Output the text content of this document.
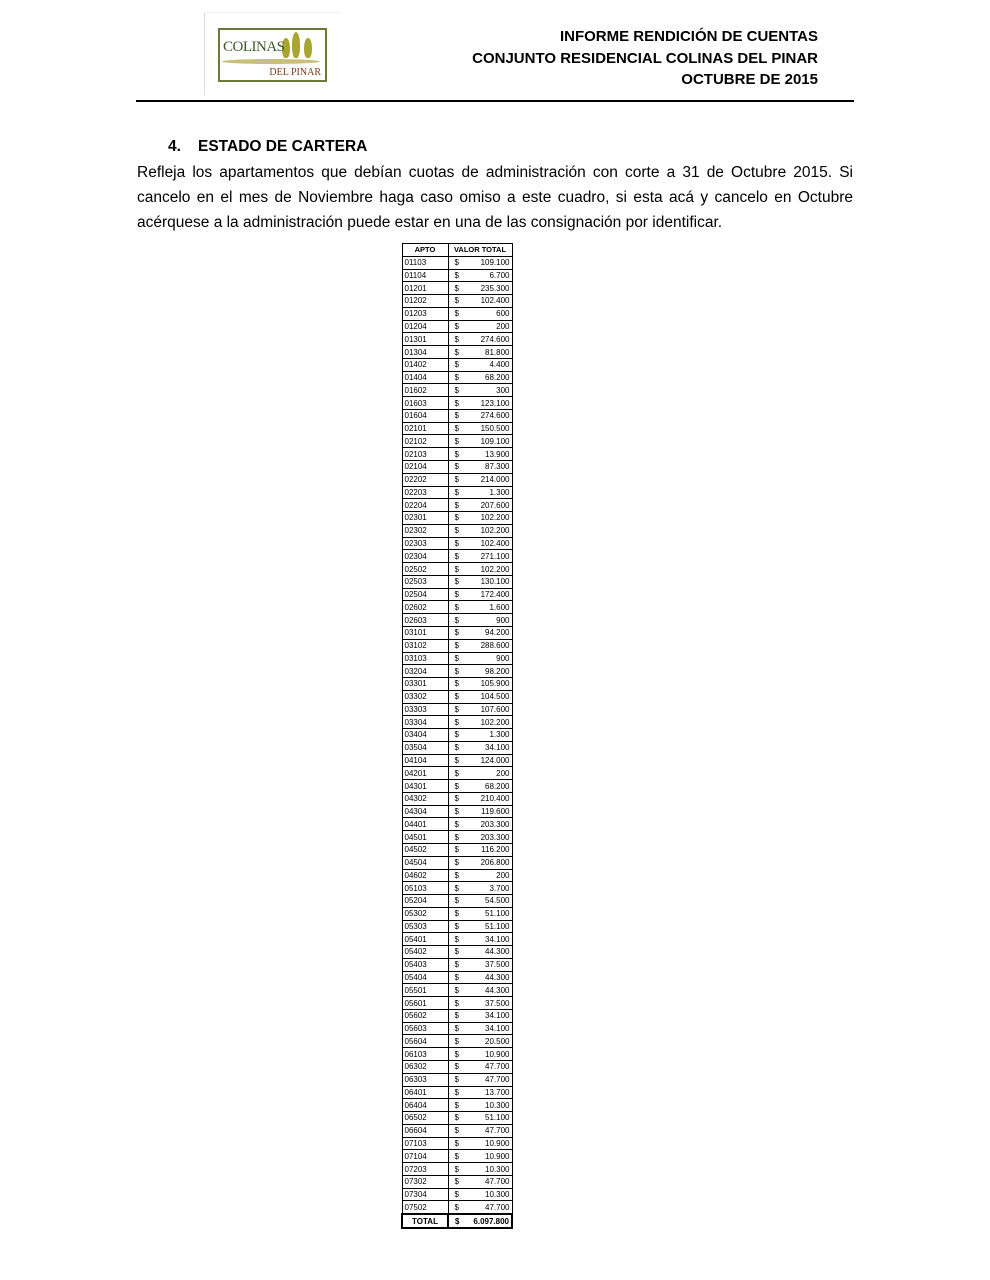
COLINAS
DEL PINAR
INFORME RENDICIÓN DE CUENTAS
CONJUNTO RESIDENCIAL COLINAS DEL PINAR
OCTUBRE DE 2015
4. ESTADO DE CARTERA
Refleja los apartamentos que debían cuotas de administración con corte a 31 de Octubre 2015. Si cancelo en el mes de Noviembre haga caso omiso a este cuadro, si esta acá y cancelo en Octubre acérquese a la administración puede estar en una de las consignación por identificar.
APTO	VALOR TOTAL
01103	$ 109.100

01104	$ 6.700

01201	$ 235.300

01202	$ 102.400

01203	$ 600

01204	$ 200

01301	$ 274.600

01304	$ 81.800

01402	$ 4.400

01404	$ 68.200

01602	$ 300

01603	$ 123.100

01604	$ 274.600

02101	$ 150.500

02102	$ 109.100

02103	$ 13.900

02104	$ 87.300

02202	$ 214.000

02203	$ 1.300

02204	$ 207.600

02301	$ 102.200

02302	$ 102.200

02303	$ 102.400

02304	$ 271.100

02502	$ 102.200

02503	$ 130.100

02504	$ 172.400

02602	$ 1.600

02603	$ 900

03101	$ 94.200

03102	$ 288.600

03103	$ 900

03204	$ 98.200

03301	$ 105.900

03302	$ 104.500

03303	$ 107.600

03304	$ 102.200

03404	$ 1.300

03504	$ 34.100

04104	$ 124.000

04201	$ 200

04301	$ 68.200

04302	$ 210.400

04304	$ 119.600

04401	$ 203.300

04501	$ 203.300

04502	$ 116.200

04504	$ 206.800

04602	$ 200

05103	$ 3.700

05204	$ 54.500

05302	$ 51.100

05303	$ 51.100

05401	$ 34.100

05402	$ 44.300

05403	$ 37.500

05404	$ 44.300

05501	$ 44.300

05601	$ 37.500

05602	$ 34.100

05603	$ 34.100

05604	$ 20.500

06103	$ 10.900

06302	$ 47.700

06303	$ 47.700

06401	$ 13.700

06404	$ 10.300

06502	$ 51.100

06604	$ 47.700

07103	$ 10.900

07104	$ 10.900

07203	$ 10.300

07302	$ 47.700

07304	$ 10.300

07502	$ 47.700

TOTAL	$ 6.097.800
